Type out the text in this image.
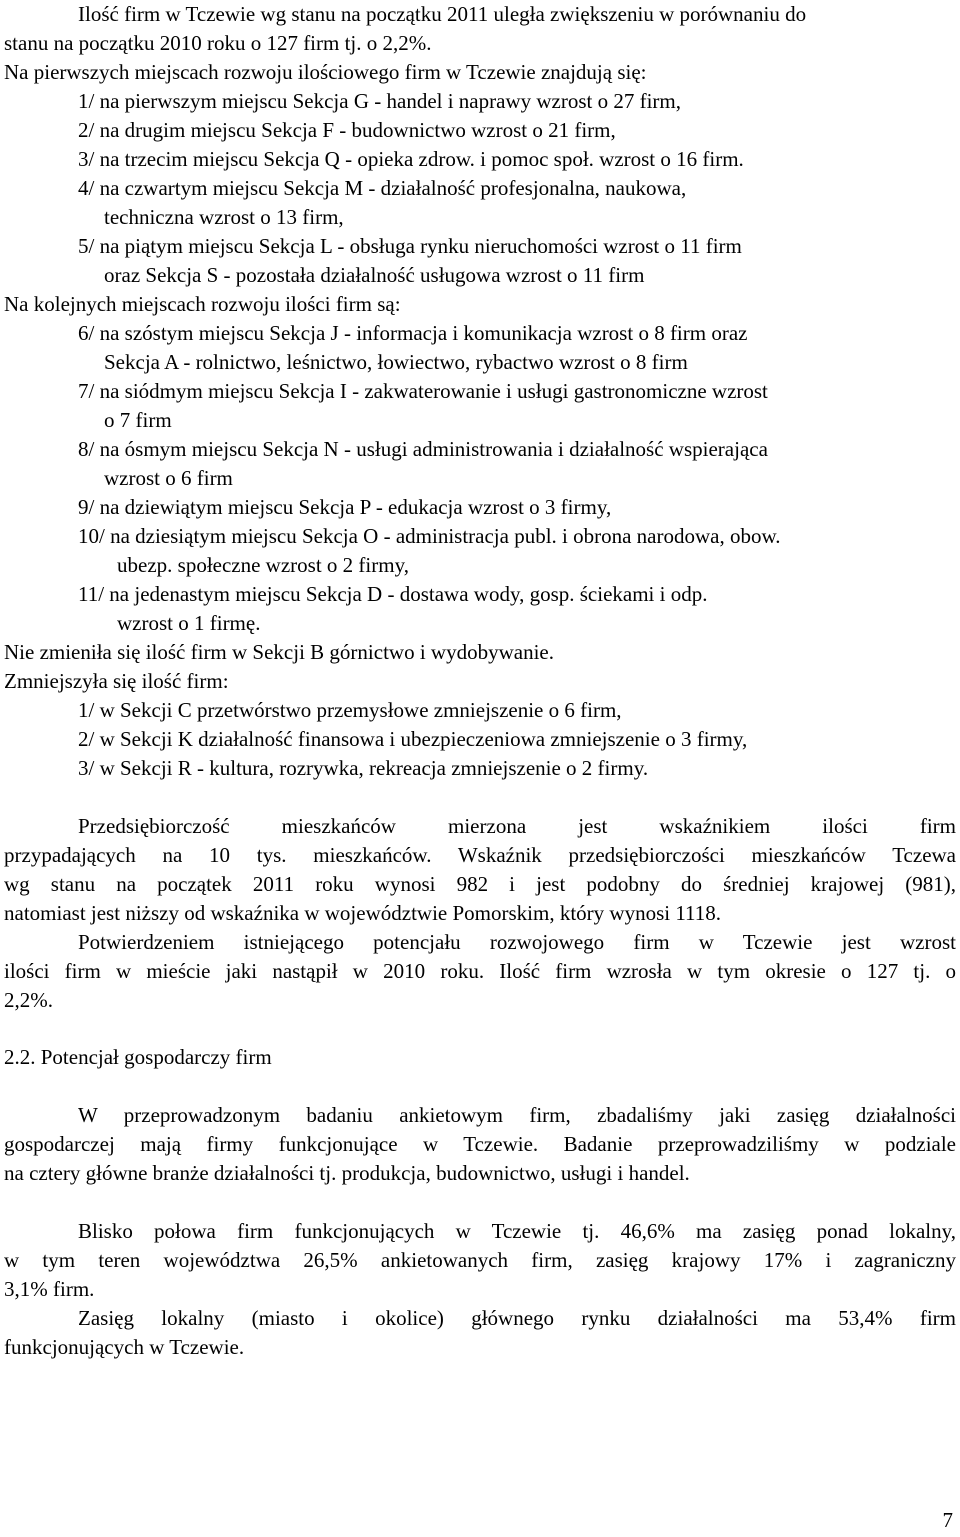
Ilość firm w Tczewie wg stanu na początku 2011 uległa zwiększeniu w porównaniu do
stanu na początku 2010 roku o 127 firm tj. o 2,2%.
Na pierwszych miejscach rozwoju ilościowego firm w Tczewie znajdują się:
1/ na pierwszym miejscu Sekcja G - handel i naprawy wzrost o 27 firm,
2/ na drugim miejscu Sekcja F - budownictwo wzrost o 21 firm,
3/ na trzecim miejscu Sekcja Q - opieka zdrow. i pomoc społ. wzrost o 16 firm.
4/ na czwartym miejscu Sekcja M - działalność profesjonalna, naukowa,
techniczna wzrost o 13 firm,
5/ na piątym miejscu Sekcja L - obsługa rynku nieruchomości wzrost o 11 firm
oraz Sekcja S - pozostała działalność usługowa wzrost o 11 firm
Na kolejnych miejscach rozwoju ilości firm są:
6/ na szóstym miejscu Sekcja J - informacja i komunikacja wzrost o 8 firm oraz
Sekcja A - rolnictwo, leśnictwo, łowiectwo, rybactwo wzrost o 8 firm
7/ na siódmym miejscu Sekcja I - zakwaterowanie i usługi gastronomiczne wzrost
o 7 firm
8/ na ósmym miejscu Sekcja N - usługi administrowania i działalność wspierająca
wzrost o 6 firm
9/ na dziewiątym miejscu Sekcja P - edukacja wzrost o 3 firmy,
10/ na dziesiątym miejscu Sekcja O - administracja publ. i obrona narodowa, obow.
ubezp. społeczne wzrost o 2 firmy,
11/ na jedenastym miejscu Sekcja D - dostawa wody, gosp. ściekami i odp.
wzrost o 1 firmę.
Nie zmieniła się ilość firm w Sekcji B górnictwo i wydobywanie.
Zmniejszyła się ilość firm:
1/ w Sekcji C przetwórstwo przemysłowe zmniejszenie o 6 firm,
2/ w Sekcji K działalność finansowa i ubezpieczeniowa zmniejszenie o 3 firmy,
3/ w Sekcji R - kultura, rozrywka, rekreacja zmniejszenie o 2 firmy.
Przedsiębiorczość mieszkańców mierzona jest wskaźnikiem ilości firm
przypadających na 10 tys. mieszkańców. Wskaźnik przedsiębiorczości mieszkańców Tczewa
wg stanu na początek 2011 roku wynosi 982 i jest podobny do średniej krajowej (981),
natomiast jest niższy od wskaźnika w województwie Pomorskim, który wynosi 1118.
Potwierdzeniem istniejącego potencjału rozwojowego firm w Tczewie jest wzrost
ilości firm w mieście jaki nastąpił w 2010 roku. Ilość firm wzrosła w tym okresie o 127 tj. o
2,2%.
2.2. Potencjał gospodarczy firm
W przeprowadzonym badaniu ankietowym firm, zbadaliśmy jaki zasięg działalności
gospodarczej mają firmy funkcjonujące w Tczewie. Badanie przeprowadziliśmy w podziale
na cztery główne branże działalności tj. produkcja, budownictwo, usługi i handel.
Blisko połowa firm funkcjonujących w Tczewie tj. 46,6% ma zasięg ponad lokalny,
w tym teren województwa 26,5% ankietowanych firm, zasięg krajowy 17% i zagraniczny
3,1% firm.
Zasięg lokalny (miasto i okolice) głównego rynku działalności ma 53,4% firm
funkcjonujących w Tczewie.
7
